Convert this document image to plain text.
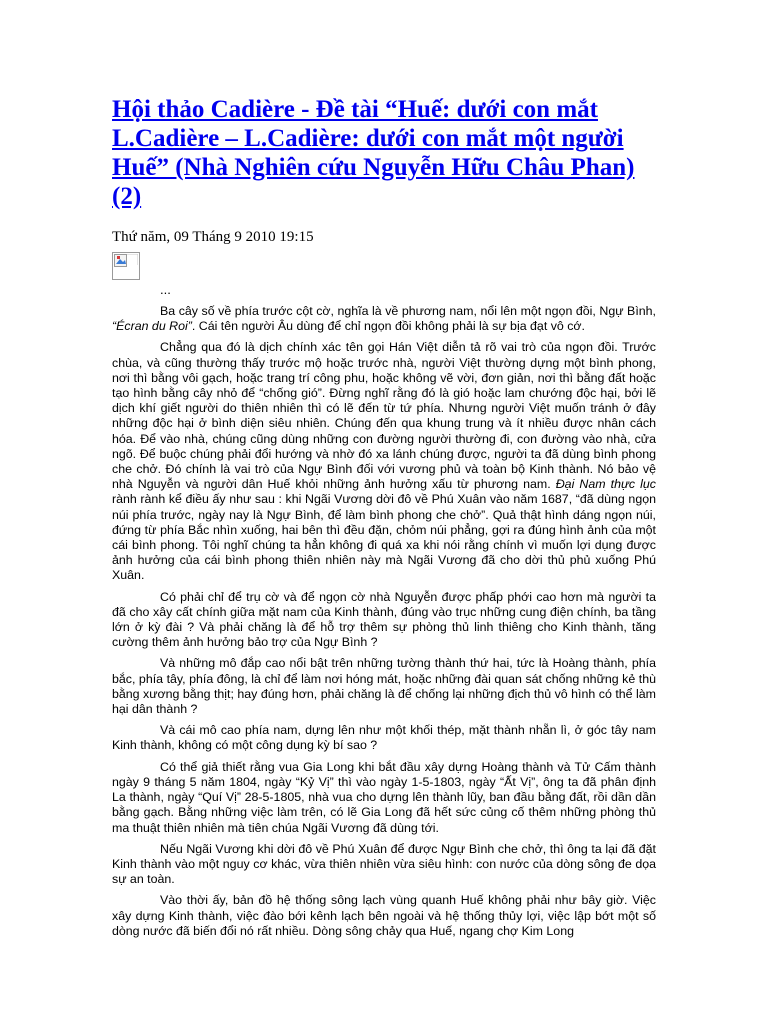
Hội thảo Cadière - Đề tài “Huế: dưới con mắt L.Cadière – L.Cadière: dưới con mắt một người Huế” (Nhà Nghiên cứu Nguyễn Hữu Châu Phan) (2)
Thứ năm, 09 Tháng 9 2010 19:15
...

Ba cây số về phía trước cột cờ, nghĩa là về phương nam, nổi lên một ngọn đồi, Ngự Bình, “Écran du Roi”. Cái tên người Âu dùng để chỉ ngọn đồi không phải là sự bịa đạt vô cớ.

Chẳng qua đó là dịch chính xác tên gọi Hán Việt diễn tả rõ vai trò của ngọn đồi. Trước chùa, và cũng thường thấy trước mộ hoặc trước nhà, người Việt thường dựng một bình phong, nơi thì bằng vôi gạch, hoặc trang trí công phu, hoặc không vẽ vời, đơn giản, nơi thì bằng đất hoặc tạo hình bằng cây nhỏ để “chống gió”. Đừng nghĩ rằng đó là gió hoặc lam chướng độc hại, bởi lẽ dịch khí giết người do thiên nhiên thì có lẽ đến từ tứ phía. Nhưng người Việt muốn tránh ở đây những độc hại ở bình diện siêu nhiên. Chúng đến qua khung trung và ít nhiều được nhân cách hóa. Để vào nhà, chúng cũng dùng những con đường người thường đi, con đường vào nhà, cửa ngõ. Để buộc chúng phải đổi hướng và nhờ đó xa lánh chúng được, người ta đã dùng bình phong che chở. Đó chính là vai trò của Ngự Bình đối với vương phủ và toàn bộ Kinh thành. Nó bảo vệ nhà Nguyễn và người dân Huế khỏi những ảnh hưởng xấu từ phương nam. Đại Nam thực lục rành rành kể điều ấy như sau : khi Ngãi Vương dời đô về Phú Xuân vào năm 1687, “đã dùng ngọn núi phía trước, ngày nay là Ngự Bình, để làm bình phong che chở”. Quả thật hình dáng ngọn núi, đứng từ phía Bắc nhìn xuống, hai bên thì đều đặn, chỏm núi phẳng, gợi ra đúng hình ảnh của một cái bình phong. Tôi nghĩ chúng ta hẳn không đi quá xa khi nói rằng chính vì muốn lợi dụng được ảnh hưởng của cái bình phong thiên nhiên này mà Ngãi Vương đã cho dời thủ phủ xuống Phú Xuân.

Có phải chỉ để trụ cờ và để ngọn cờ nhà Nguyễn được phấp phới cao hơn mà người ta đã cho xây cất chính giữa mặt nam của Kinh thành, đúng vào trục những cung điện chính, ba tầng lớn ở kỳ đài ? Và phải chăng là để hỗ trợ thêm sự phòng thủ linh thiêng cho Kinh thành, tăng cường thêm ảnh hưởng bảo trợ của Ngự Bình ?

Và những mô đắp cao nổi bật trên những tường thành thứ hai, tức là Hoàng thành, phía bắc, phía tây, phía đông, là chỉ để làm nơi hóng mát, hoặc những đài quan sát chống những kẻ thù bằng xương bằng thịt; hay đúng hơn, phải chăng là để chống lại những địch thủ vô hình có thể làm hại dân thành ?

Và cái mô cao phía nam, dựng lên như một khối thép, mặt thành nhẵn lì, ở góc tây nam Kinh thành, không có một công dụng kỳ bí sao ?

Có thể giả thiết rằng vua Gia Long khi bắt đầu xây dựng Hoàng thành và Tử Cấm thành ngày 9 tháng 5 năm 1804, ngày “Kỷ Vị” thì vào ngày 1-5-1803, ngày “Ất Vị”, ông ta đã phân định La thành, ngày “Quí Vị” 28-5-1805, nhà vua cho dựng lên thành lũy, ban đầu bằng đất, rồi dần dần bằng gạch. Bằng những việc làm trên, có lẽ Gia Long đã hết sức củng cố thêm những phòng thủ ma thuật thiên nhiên mà tiên chúa Ngãi Vương đã dùng tới.

Nếu Ngãi Vương khi dời đô về Phú Xuân để được Ngự Bình che chở, thì ông ta lại đã đặt Kinh thành vào một nguy cơ khác, vừa thiên nhiên vừa siêu hình: con nước của dòng sông đe dọa sự an toàn.

Vào thời ấy, bản đồ hệ thống sông lạch vùng quanh Huế không phải như bây giờ. Việc xây dựng Kinh thành, việc đào bới kênh lạch bên ngoài và hệ thống thủy lợi, việc lập bớt một số dòng nước đã biến đổi nó rất nhiều. Dòng sông chảy qua Huế, ngang chợ Kim Long
